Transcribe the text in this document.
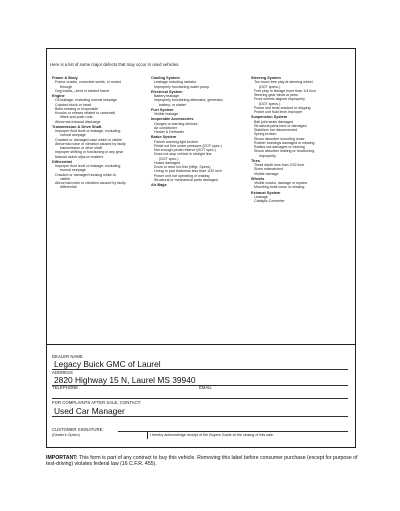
Here is a list of some major defects that may occur in used vehicles.
Frame & Body
Frame-cracks, corrective welds, or rusted
through
Dog tracks—bent or twisted frame
Engine
Oil leakage, excluding normal seepage
Cracked block or head
Belts missing or inoperable
Knocks or misses related to camshaft
lifters and push rods
Abnormal exhaust discharge
Transmission & Drive Shaft
Improper fluid level or leakage, excluding
normal seepage
Cracked or damaged case which is visible
Abnormal noise or vibration caused by faulty
transmission or drive shaft
Improper shifting or functioning in any gear
Manual clutch slips or chatters
Differential
Improper fluid level or leakage, excluding
normal seepage
Cracked or damaged housing which is
visible
Abnormal noise or vibration caused by faulty
differential
Cooling System
Leakage including radiator
Improperly functioning water pump
Electrical System
Battery leakage
Improperly functioning alternator, generator,
battery, or starter
Fuel System
Visible leakage
Inoperable Accessories
Gauges or warning devices
Air conditioner
Heater & Defroster
Brake System
Failure warning light broken
Pedal not firm under pressure (DOT spec.)
Not enough pedal reserve (DOT spec.)
Does not stop vehicle in straight line
(DOT spec.)
Hoses damaged
Drum or rotor too thin (Mfgr. Specs)
Lining or pad thickness less than 1/32 inch
Power unit not operating or leaking
Structural or mechanical parts damaged
Air Bags
Steering System
Too much free play at steering wheel
(DOT specs.)
Free play in linkage more than 1/4 inch
Steering gear binds or jams
Front wheels aligned improperly
(DOT specs.)
Power unit belts cracked or slipping
Power unit fluid level improper
Suspension System
Ball joint seals damaged
Structural parts bent or damaged
Stabilizer bar disconnected
Spring broken
Shock absorber mounting loose
Rubber bushings damaged or missing
Radius rod damaged or missing
Shock absorber leaking or functioning
improperly
Tires
Tread depth less than 2/32 inch
Sizes mismatched
Visible damage
Wheels
Visible cracks, damage or repairs
Mounting bolts loose or missing
Exhaust System
Leakage
Catalytic Converter
DEALER NAME
Legacy Buick GMC of Laurel
ADDRESS
2820 Highway 15 N, Laurel MS 39940
TELEPHONE	EMAIL
FOR COMPLAINTS AFTER SALE, CONTACT:
Used Car Manager
CUSTOMER SIGNATURE:
(Dealer's Option)	I hereby acknowledge receipt of the Buyers Guide at the closing of this sale.
IMPORTANT: This form is part of any contract to buy this vehicle. Removing this label before consumer purchase (except for purpose of test-driving) violates federal law (16 C.F.R. 455).
